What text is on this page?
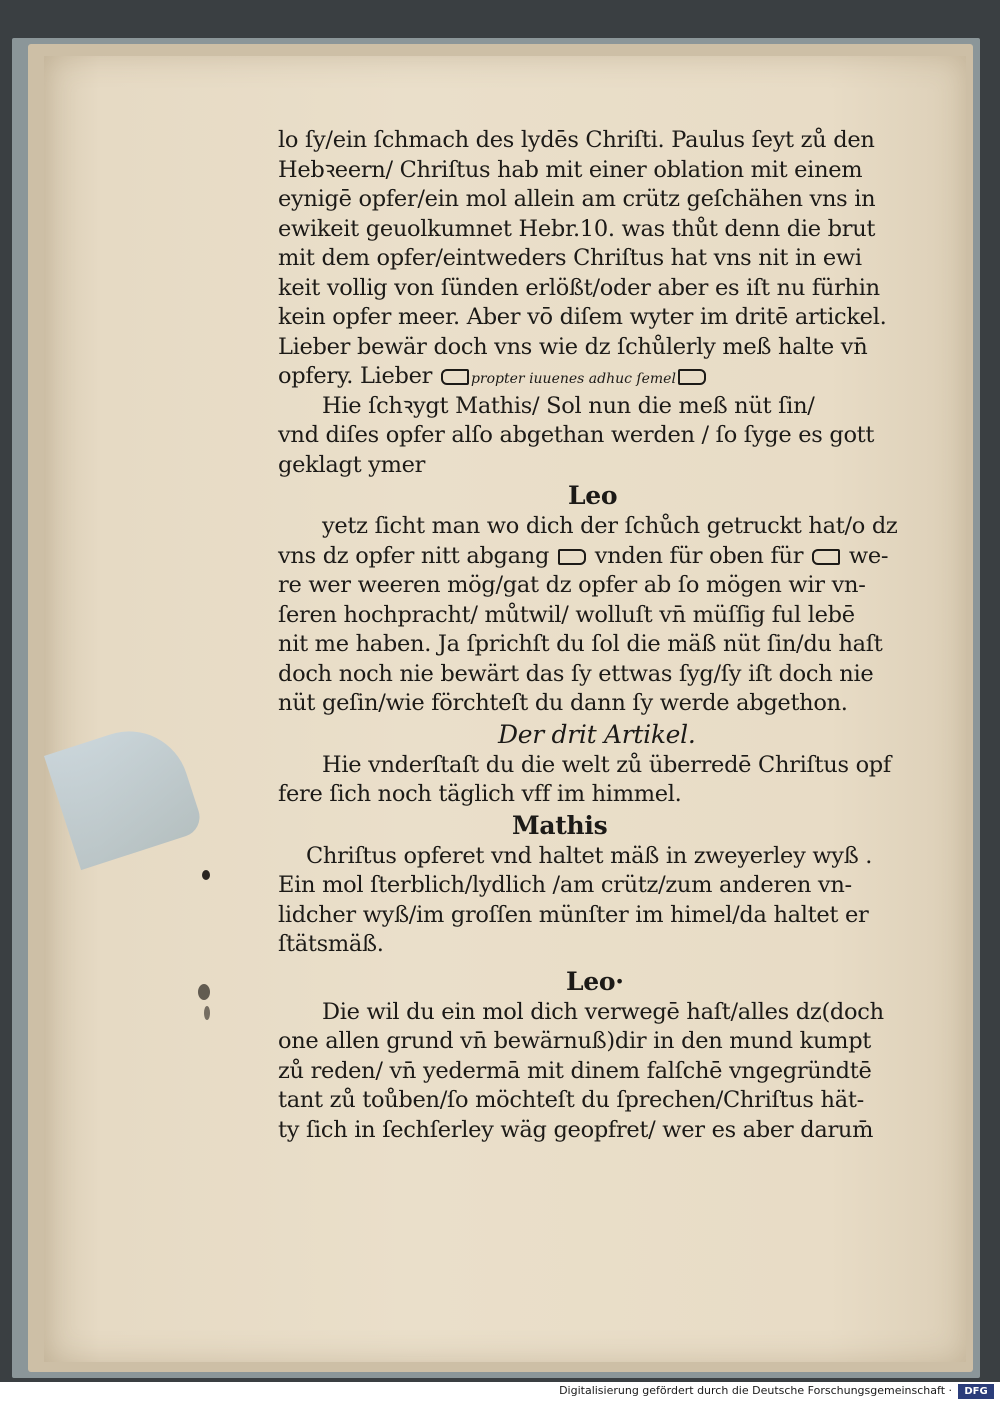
lo ſy/ein ſchmach des lydēs Chriſti. Paulus ſeyt zů den
Hebꝛeern/ Chriſtus hab mit einer oblation mit einem
eynigē opfer/ein mol allein am crütz geſchähen vns in
ewikeit geuolkumnet Hebr.10. was thůt denn die brut
mit dem opfer/eintweders Chriſtus hat vns nit in ewi
keit vollig von ſünden erlößt/oder aber es iſt nu fürhin
kein opfer meer. Aber vō diſem wyter im dritē artickel.
Lieber bewär doch vns wie dz ſchůlerly meß halte vn̄
opfery. Lieber	propter iuuenes adhuc ſemel
Hie ſchꝛygt Mathis/ Sol nun die meß nüt ſin/
vnd diſes opfer alſo abgethan werden / ſo ſyge es gott
geklagt ymer
Leo
yetz ſicht man wo dich der ſchůch getruckt hat/o dz
vns dz opfer nitt abgang vnden für oben für we-
re wer weeren mög/gat dz opfer ab ſo mögen wir vn-
ſeren hochpracht/ můtwil/ wolluſt vn̄ müſſig ful lebē
nit me haben. Ja ſprichſt du ſol die mäß nüt ſin/du haſt
doch noch nie bewärt das ſy ettwas ſyg/ſy iſt doch nie
nüt geſin/wie förchteſt du dann ſy werde abgethon.
Der drit Artikel.
Hie vnderſtaſt du die welt zů überredē Chriſtus opf
fere ſich noch täglich vff im himmel.
Mathis
Chriſtus opferet vnd haltet mäß in zweyerley wyß .
Ein mol ſterblich/lydlich /am crütz/zum anderen vn-
lidcher wyß/im groſſen münſter im himel/da haltet er
ſtätsmäß.
Leo·
Die wil du ein mol dich verwegē haſt/alles dz(doch
one allen grund vn̄ bewärnuß)dir in den mund kumpt
zů reden/ vn̄ yedermā mit dinem falſchē vngegründtē
tant zů toůben/ſo möchteſt du ſprechen/Chriſtus hät-
ty ſich in ſechſerley wäg geopfret/ wer es aber darum̄
Digitalisierung gefördert durch die Deutsche Forschungsgemeinschaft ·	DFG
